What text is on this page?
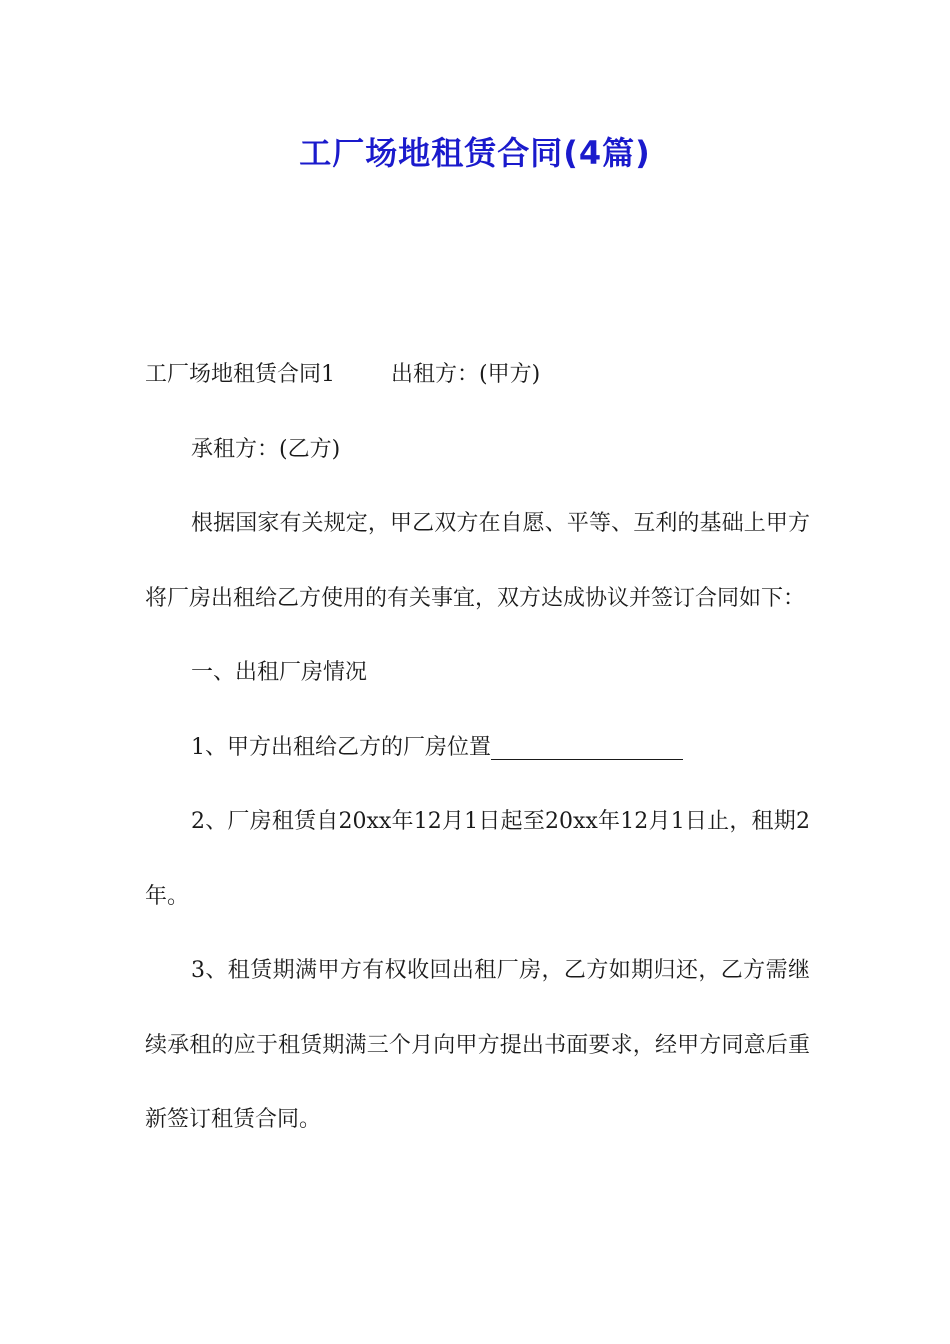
工厂场地租赁合同(4篇)

工厂场地租赁合同1	出租方：(甲方)

承租方：(乙方)

根据国家有关规定，甲乙双方在自愿、平等、互利的基础上甲方将厂房出租给乙方使用的有关事宜，双方达成协议并签订合同如下：

一、出租厂房情况

1、甲方出租给乙方的厂房位置

2、厂房租赁自20xx年12月1日起至20xx年12月1日止，租期2年。

3、租赁期满甲方有权收回出租厂房，乙方如期归还，乙方需继续承租的应于租赁期满三个月向甲方提出书面要求，经甲方同意后重新签订租赁合同。
